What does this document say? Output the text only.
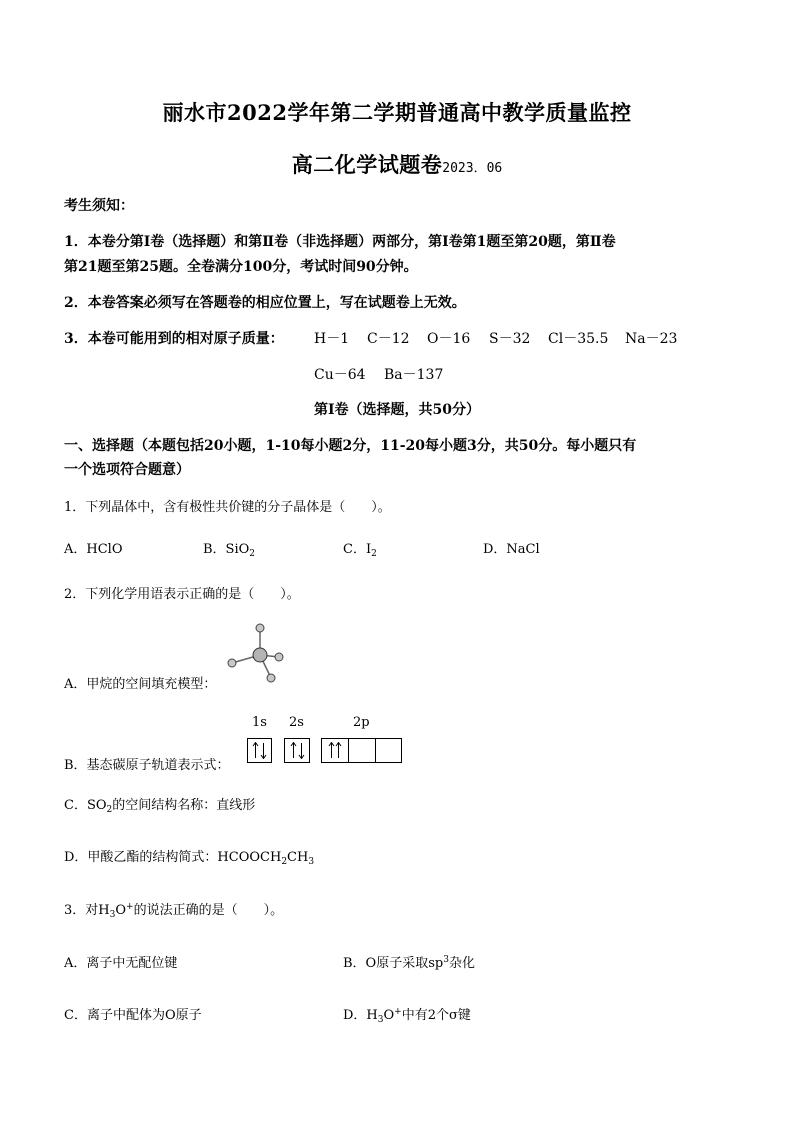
丽水市2022学年第二学期普通高中教学质量监控
高二化学试题卷2023．06
考生须知：
1．本卷分第Ⅰ卷（选择题）和第Ⅱ卷（非选择题）两部分，第Ⅰ卷第1题至第20题，第Ⅱ卷
第21题至第25题。全卷满分100分，考试时间90分钟。
2．本卷答案必须写在答题卷的相应位置上，写在试题卷上无效。
3．本卷可能用到的相对原子质量： H－1 C－12 O－16 S－32 Cl－35.5 Na－23
Cu－64 Ba－137
第Ⅰ卷（选择题，共50分）
一、选择题（本题包括20小题，1-10每小题2分，11-20每小题3分，共50分。每小题只有
一个选项符合题意）
1．下列晶体中，含有极性共价键的分子晶体是（　　）。
A．HClO	B．SiO$_2$	C．$I_2$	D．NaCl
2．下列化学用语表示正确的是（　　）。
A．甲烷的空间填充模型：
B．基态碳原子轨道表示式：
1s 2s	2p
C．$SO_2$的空间结构名称：直线形
D．甲酸乙酯的结构简式：$HCOOCH_2CH_3$
3．对$H_3O^+$的说法正确的是（　　）。
A．离子中无配位键	B．O原子采取$sp^3$杂化
C．离子中配体为O原子	D．$H_3O^+$中有2个σ键
